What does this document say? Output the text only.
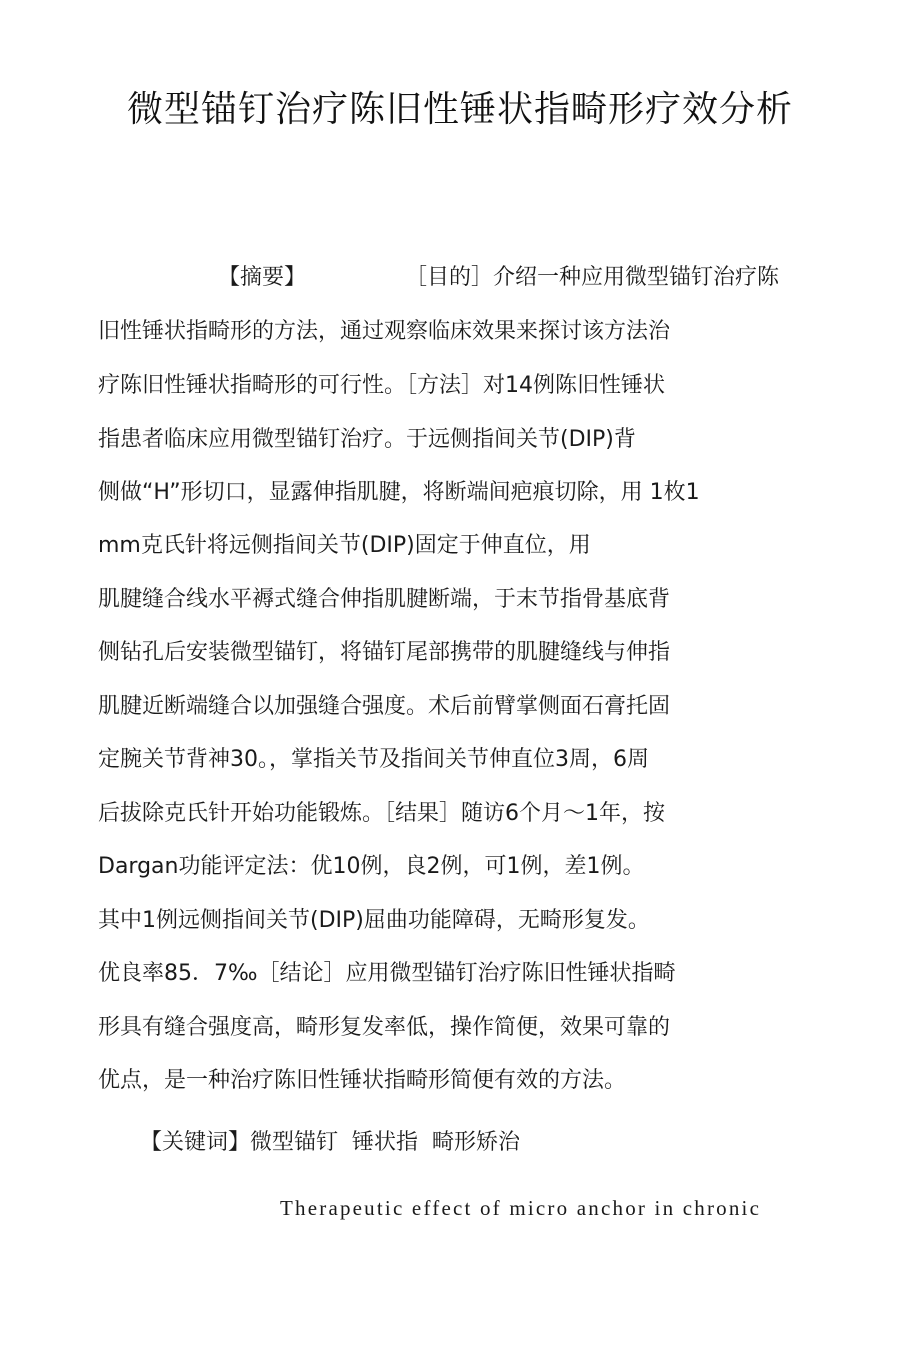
微型锚钉治疗陈旧性锤状指畸形疗效分析
【摘要】	［目的］介绍一种应用微型锚钉治疗陈
旧性锤状指畸形的方法，通过观察临床效果来探讨该方法治
疗陈旧性锤状指畸形的可行性。［方法］对14例陈旧性锤状
指患者临床应用微型锚钉治疗。于远侧指间关节(DIP)背
侧做“H”形切口，显露伸指肌腱，将断端间疤痕切除，用 1枚1
mm克氏针将远侧指间关节(DIP)固定于伸直位，用
肌腱缝合线水平褥式缝合伸指肌腱断端，于末节指骨基底背
侧钻孔后安装微型锚钉，将锚钉尾部携带的肌腱缝线与伸指
肌腱近断端缝合以加强缝合强度。术后前臂掌侧面石膏托固
定腕关节背神30。，掌指关节及指间关节伸直位3周，6周
后拔除克氏针开始功能锻炼。［结果］随访6个月～1年，按
Dargan功能评定法：优10例，良2例，可1例，差1例。
其中1例远侧指间关节(DIP)屈曲功能障碍，无畸形复发。
优良率85．7‰［结论］应用微型锚钉治疗陈旧性锤状指畸
形具有缝合强度高，畸形复发率低，操作简便，效果可靠的
优点，是一种治疗陈旧性锤状指畸形简便有效的方法。
【关键词】微型锚钉 锤状指 畸形矫治
Therapeutic effect of micro anchor in chronic
